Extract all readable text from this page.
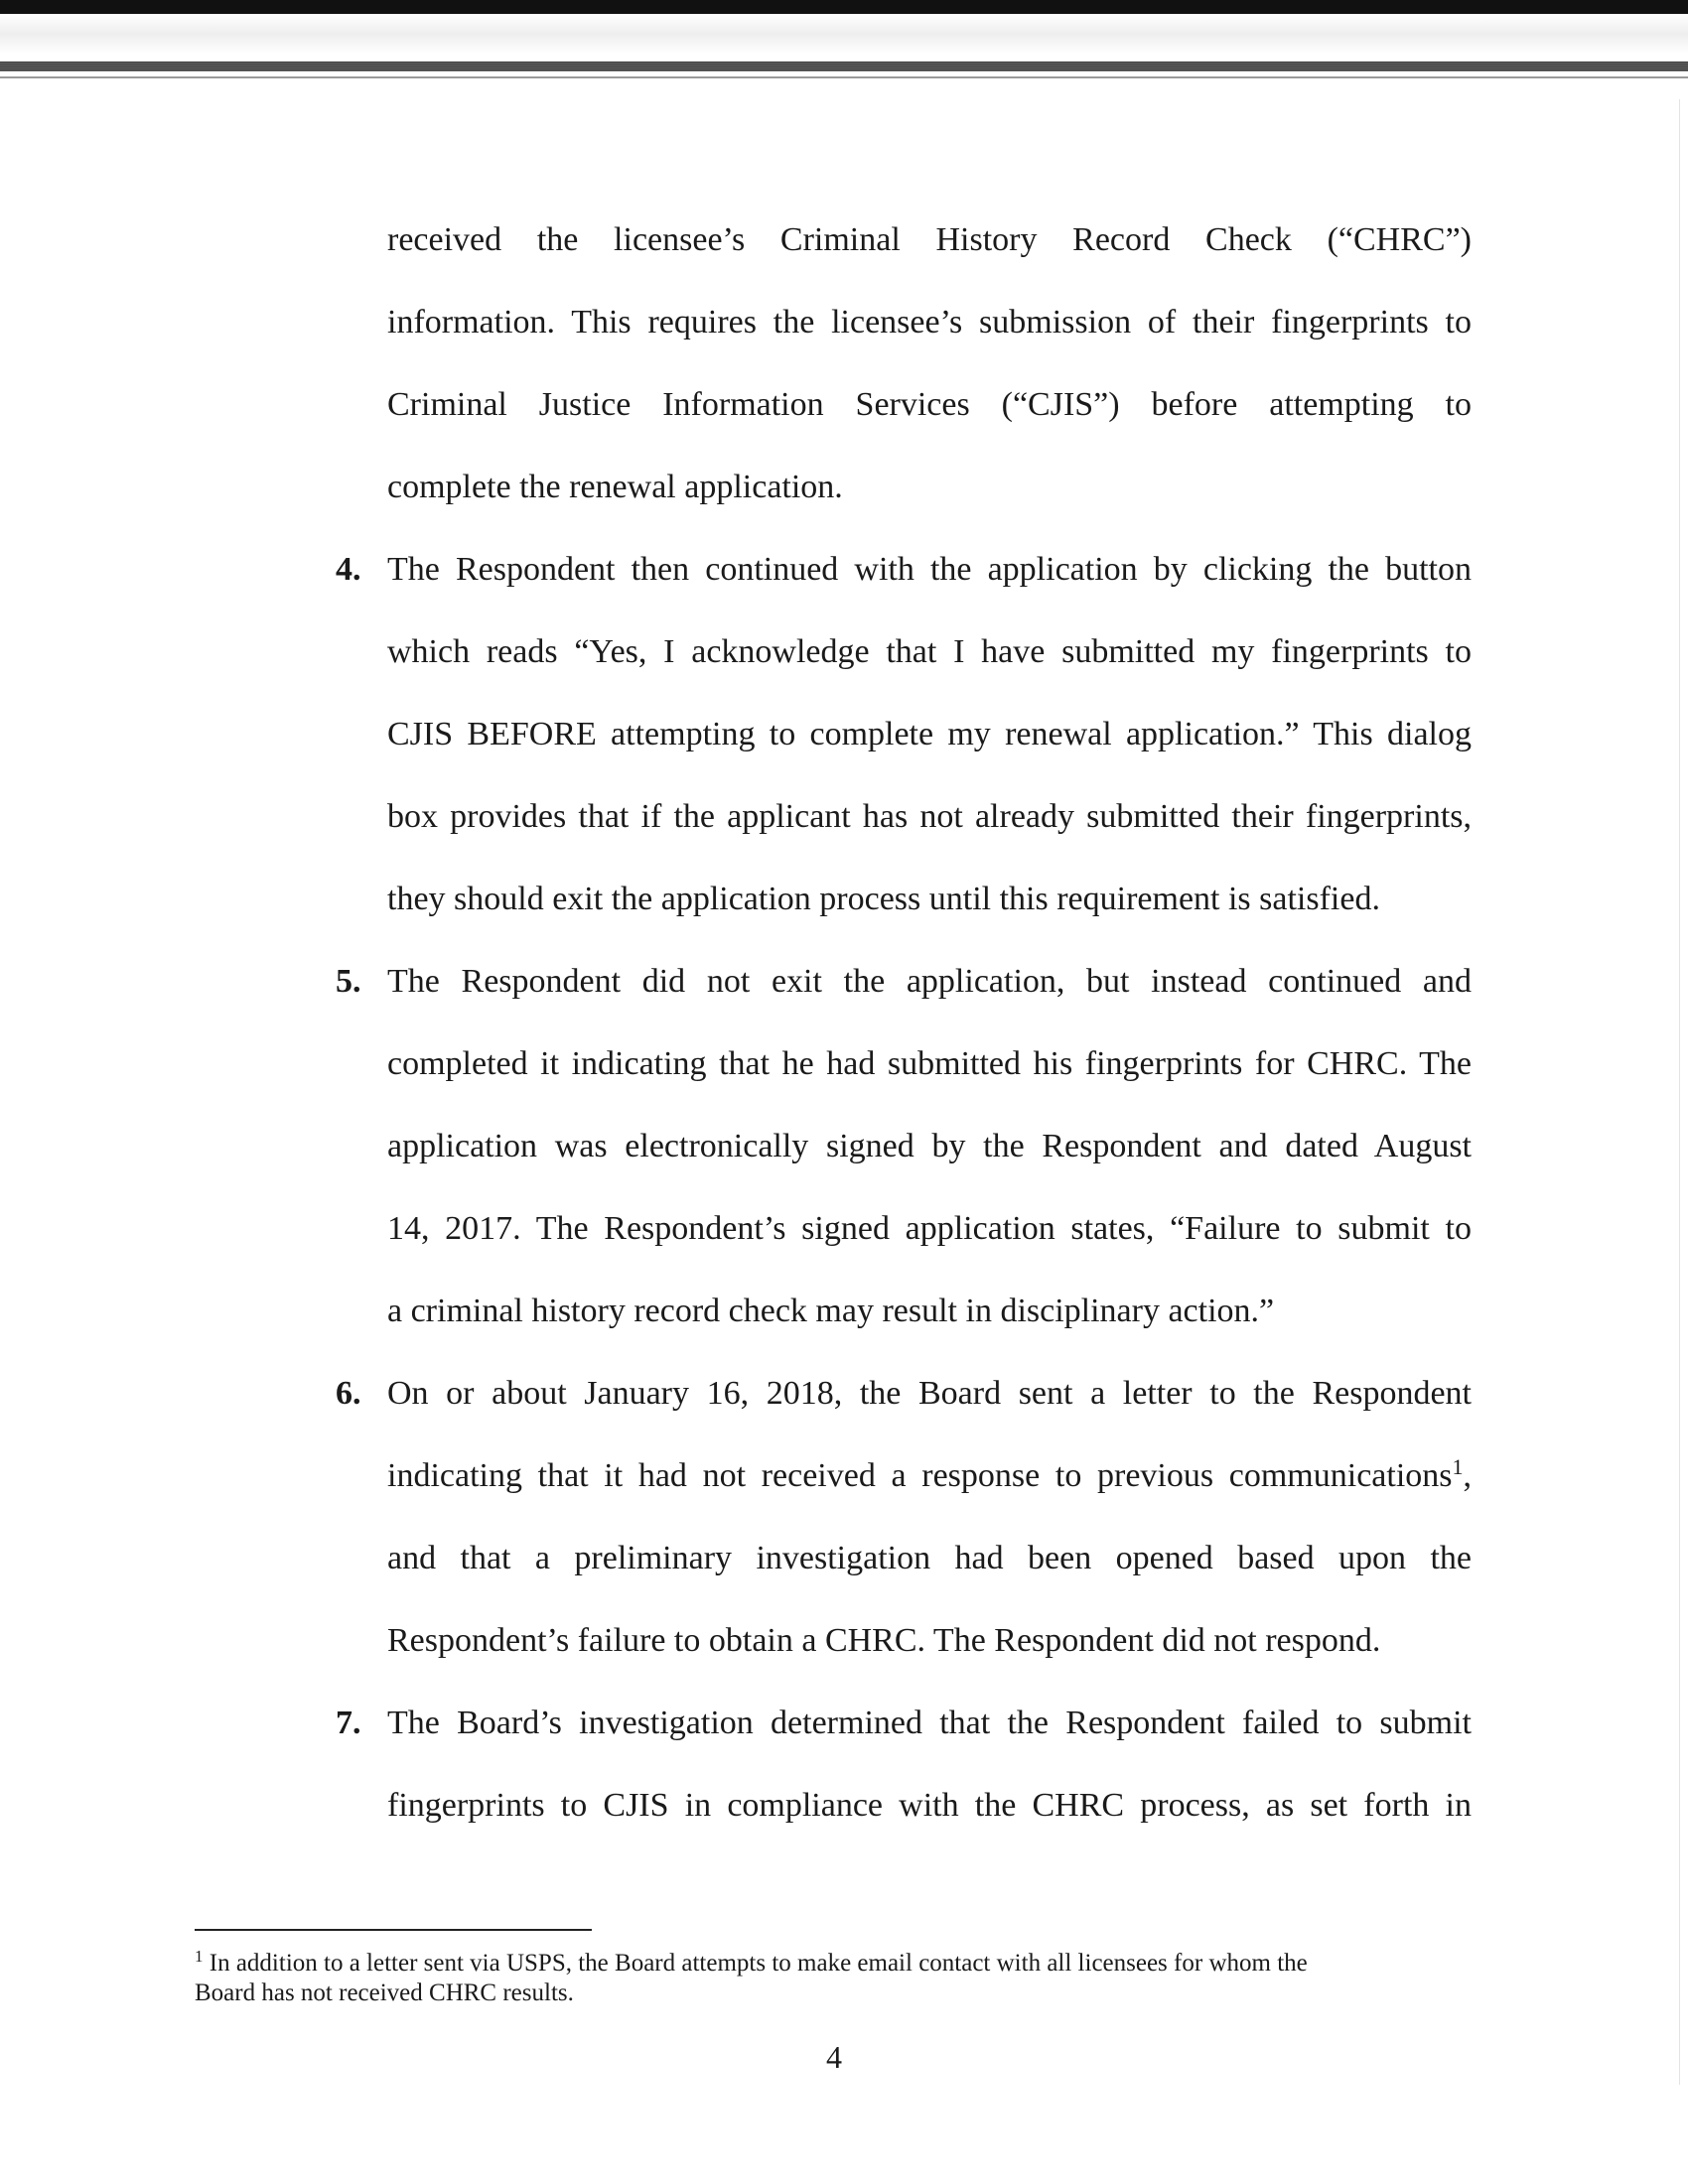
received the licensee’s Criminal History Record Check (“CHRC”)
information. This requires the licensee’s submission of their fingerprints to
Criminal Justice Information Services (“CJIS”) before attempting to
complete the renewal application.
4. The Respondent then continued with the application by clicking the button
which reads “Yes, I acknowledge that I have submitted my fingerprints to
CJIS BEFORE attempting to complete my renewal application.” This dialog
box provides that if the applicant has not already submitted their fingerprints,
they should exit the application process until this requirement is satisfied.
5. The Respondent did not exit the application, but instead continued and
completed it indicating that he had submitted his fingerprints for CHRC. The
application was electronically signed by the Respondent and dated August
14, 2017. The Respondent’s signed application states, “Failure to submit to
a criminal history record check may result in disciplinary action.”
6. On or about January 16, 2018, the Board sent a letter to the Respondent
indicating that it had not received a response to previous communications$^1$,
and that a preliminary investigation had been opened based upon the
Respondent’s failure to obtain a CHRC. The Respondent did not respond.
7. The Board’s investigation determined that the Respondent failed to submit
fingerprints to CJIS in compliance with the CHRC process, as set forth in
$^1$ In addition to a letter sent via USPS, the Board attempts to make email contact with all licensees for whom the
Board has not received CHRC results.
4
